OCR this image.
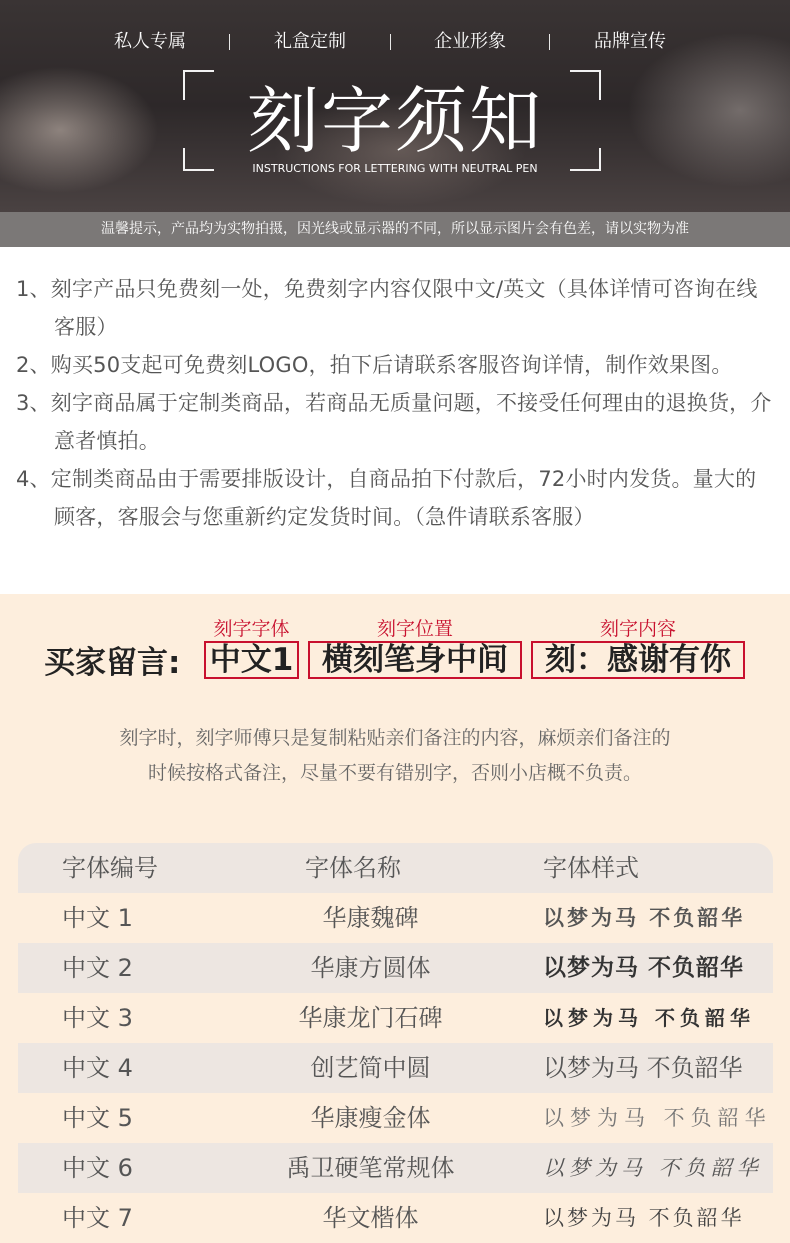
私人专属	礼盒定制	企业形象	品牌宣传
刻字须知
INSTRUCTIONS FOR LETTERING WITH NEUTRAL PEN
温馨提示，产品均为实物拍摄，因光线或显示器的不同，所以显示图片会有色差，请以实物为准
1、刻字产品只免费刻一处，免费刻字内容仅限中文/英文（具体详情可咨询在线客服）
2、购买50支起可免费刻LOGO，拍下后请联系客服咨询详情，制作效果图。
3、刻字商品属于定制类商品，若商品无质量问题，不接受任何理由的退换货，介意者慎拍。
4、定制类商品由于需要排版设计，自商品拍下付款后，72小时内发货。量大的顾客，客服会与您重新约定发货时间。（急件请联系客服）
刻字字体	刻字位置	刻字内容
买家留言: 中文1 横刻笔身中间	刻：感谢有你
刻字时，刻字师傅只是复制粘贴亲们备注的内容，麻烦亲们备注的
时候按格式备注，尽量不要有错别字，否则小店概不负责。
字体编号	字体名称	字体样式
中文 1	华康魏碑	以梦为马 不负韶华
中文 2	华康方圆体	以梦为马 不负韶华
中文 3	华康龙门石碑	以梦为马 不负韶华
中文 4	创艺简中圆	以梦为马 不负韶华
中文 5	华康瘦金体	以梦为马 不负韶华
中文 6	禹卫硬笔常规体	以梦为马 不负韶华
中文 7	华文楷体	以梦为马 不负韶华
